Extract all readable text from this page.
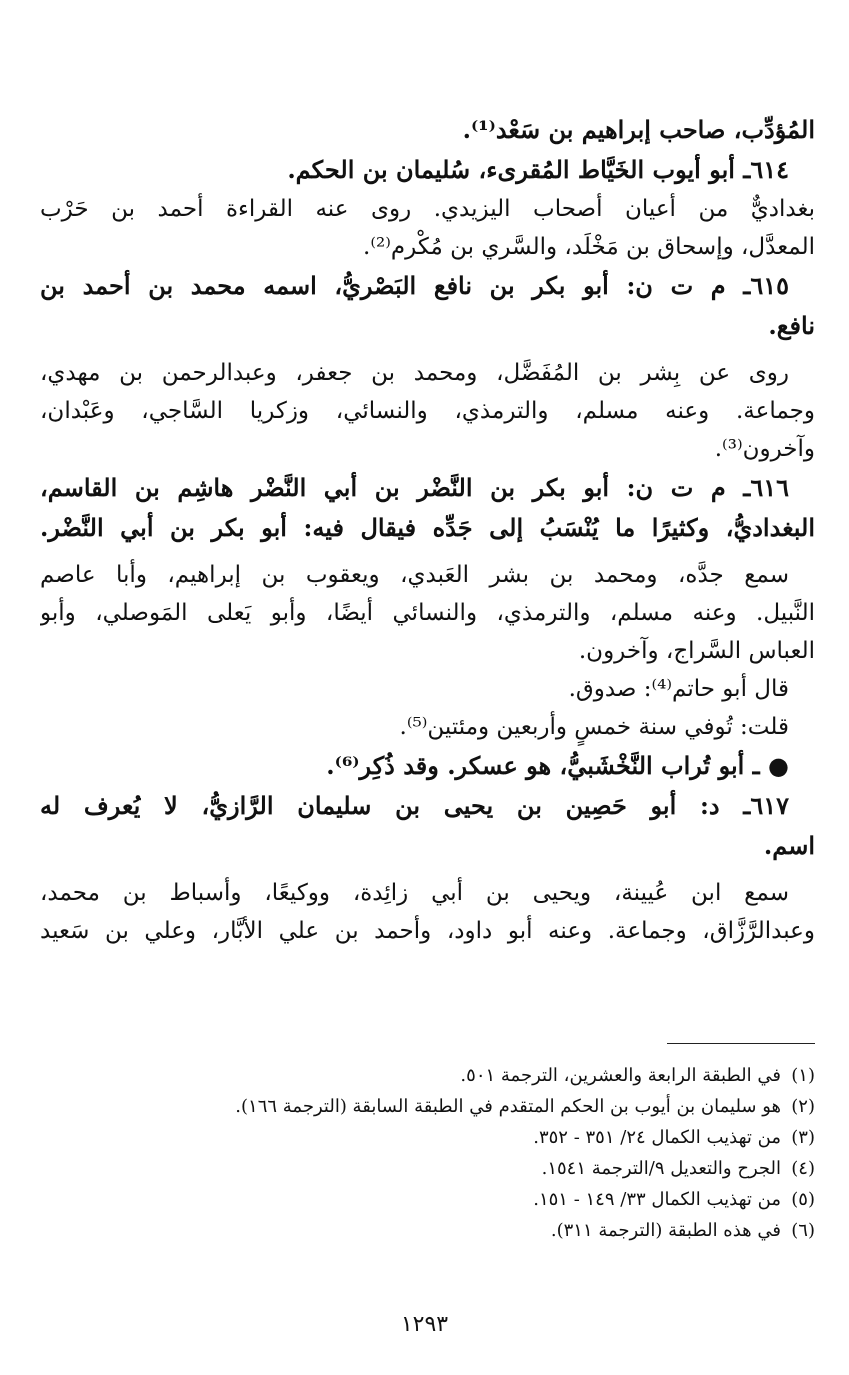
المُؤدِّب، صاحب إبراهيم بن سَعْد⁽¹⁾.
٦١٤ـ أبو أيوب الخَيَّاط المُقرىء، سُليمان بن الحكم.
بغداديٌّ من أعيان أصحاب اليزيدي. روى عنه القراءة أحمد بن حَرْب
المعدَّل، وإسحاق بن مَخْلَد، والسَّري بن مُكْرم⁽²⁾.
٦١٥ـ م ت ن: أبو بكر بن نافع البَصْريُّ، اسمه محمد بن أحمد بن
نافع.
روى عن بِشر بن المُفَضَّل، ومحمد بن جعفر، وعبدالرحمن بن مهدي،
وجماعة. وعنه مسلم، والترمذي، والنسائي، وزكريا السَّاجي، وعَبْدان،
وآخرون⁽³⁾.
٦١٦ـ م ت ن: أبو بكر بن النَّضْر بن أبي النَّضْر هاشِم بن القاسم،
البغداديُّ، وكثيرًا ما يُنْسَبُ إلى جَدِّه فيقال فيه: أبو بكر بن أبي النَّضْر.
سمع جدَّه، ومحمد بن بشر العَبدي، ويعقوب بن إبراهيم، وأبا عاصم
النَّبيل. وعنه مسلم، والترمذي، والنسائي أيضًا، وأبو يَعلى المَوصلي، وأبو
العباس السَّراج، وآخرون.
قال أبو حاتم⁽⁴⁾: صدوق.
قلت: تُوفي سنة خمسٍ وأربعين ومئتين⁽⁵⁾.
● ـ أبو تُراب النَّخْشَبيُّ، هو عسكر. وقد ذُكِر⁽⁶⁾.
٦١٧ـ د: أبو حَصِين بن يحيى بن سليمان الرَّازيُّ، لا يُعرف له
اسم.
سمع ابن عُيينة، ويحيى بن أبي زائِدة، ووكيعًا، وأسباط بن محمد،
وعبدالرَّزَّاق، وجماعة. وعنه أبو داود، وأحمد بن علي الأبَّار، وعلي بن سَعيد
(١)في الطبقة الرابعة والعشرين، الترجمة ٥٠١.
(٢)هو سليمان بن أيوب بن الحكم المتقدم في الطبقة السابقة (الترجمة ١٦٦).
(٣)من تهذيب الكمال ٢٤/ ٣٥١ - ٣٥٢.
(٤)الجرح والتعديل ٩/الترجمة ١٥٤١.
(٥)من تهذيب الكمال ٣٣/ ١٤٩ - ١٥١.
(٦)في هذه الطبقة (الترجمة ٣١١).
١٢٩٣
